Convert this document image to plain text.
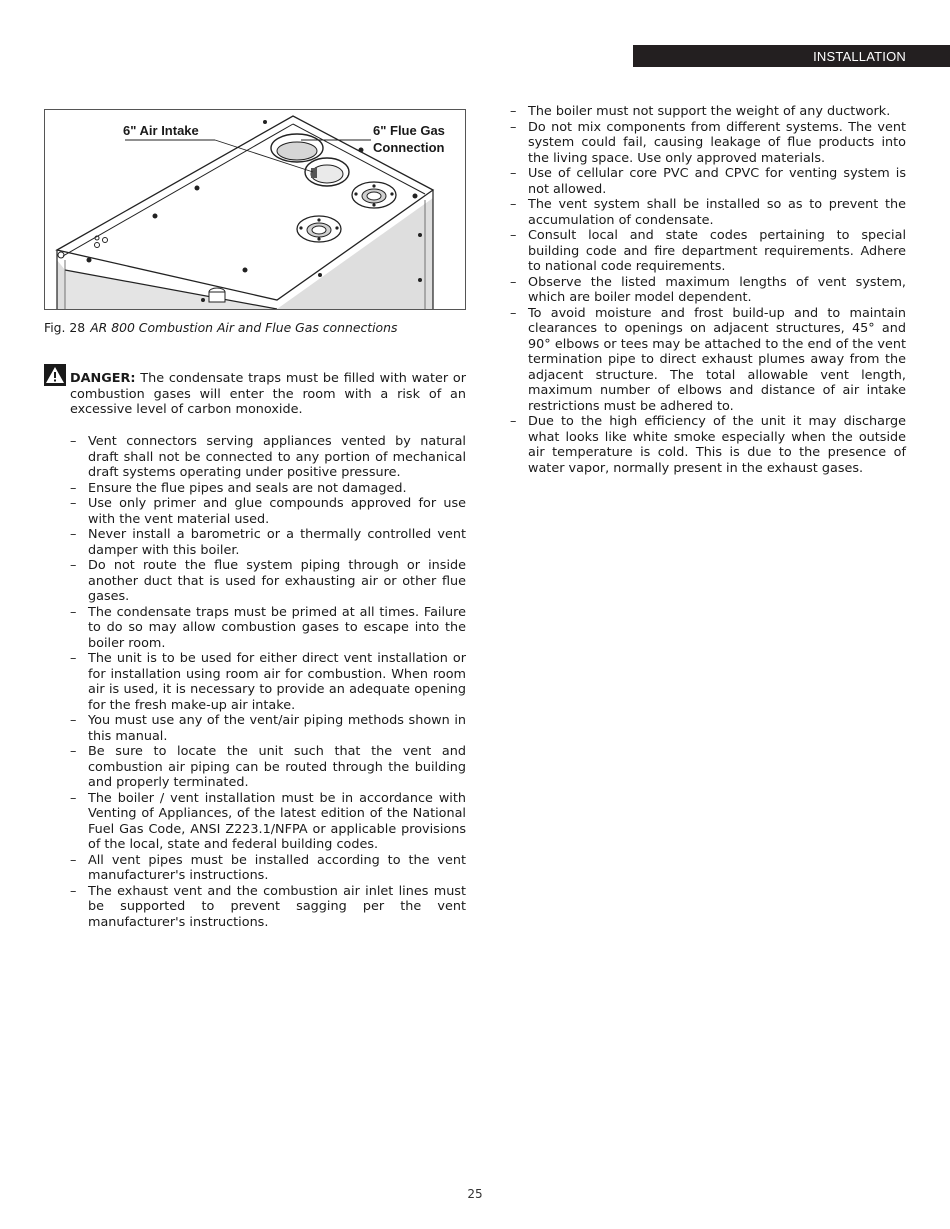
INSTALLATION
6" Air Intake	6" Flue Gas
Connection
Fig. 28 AR 800 Combustion Air and Flue Gas connections

DANGER: The condensate traps must be filled with water or combustion gases will enter the room with a risk of an excessive level of carbon monoxide.

– Vent connectors serving appliances vented by natural draft shall not be connected to any portion of mechanical draft systems operating under positive pressure.
– Ensure the flue pipes and seals are not damaged.
– Use only primer and glue compounds approved for use with the vent material used.
– Never install a barometric or a thermally controlled vent damper with this boiler.
– Do not route the flue system piping through or inside another duct that is used for exhausting air or other flue gases.
– The condensate traps must be primed at all times. Failure to do so may allow combustion gases to escape into the boiler room.
– The unit is to be used for either direct vent installation or for installation using room air for combustion. When room air is used, it is necessary to provide an adequate opening for the fresh make-up air intake.
– You must use any of the vent/air piping methods shown in this manual.
– Be sure to locate the unit such that the vent and combustion air piping can be routed through the building and properly terminated.
– The boiler / vent installation must be in accordance with Venting of Appliances, of the latest edition of the National Fuel Gas Code, ANSI Z223.1/NFPA or applicable provisions of the local, state and federal building codes.
– All vent pipes must be installed according to the vent manufacturer's instructions.
– The exhaust vent and the combustion air inlet lines must be supported to prevent sagging per the vent manufacturer's instructions.
– The boiler must not support the weight of any ductwork.
– Do not mix components from different systems. The vent system could fail, causing leakage of flue products into the living space. Use only approved materials.
– Use of cellular core PVC and CPVC for venting system is not allowed.
– The vent system shall be installed so as to prevent the accumulation of condensate.
– Consult local and state codes pertaining to special building code and fire department requirements. Adhere to national code requirements.
– Observe the listed maximum lengths of vent system, which are boiler model dependent.
– To avoid moisture and frost build-up and to maintain clearances to openings on adjacent structures, 45° and 90° elbows or tees may be attached to the end of the vent termination pipe to direct exhaust plumes away from the adjacent structure. The total allowable vent length, maximum number of elbows and distance of air intake restrictions must be adhered to.
– Due to the high efficiency of the unit it may discharge what looks like white smoke especially when the outside air temperature is cold. This is due to the presence of water vapor, normally present in the exhaust gases.
25
